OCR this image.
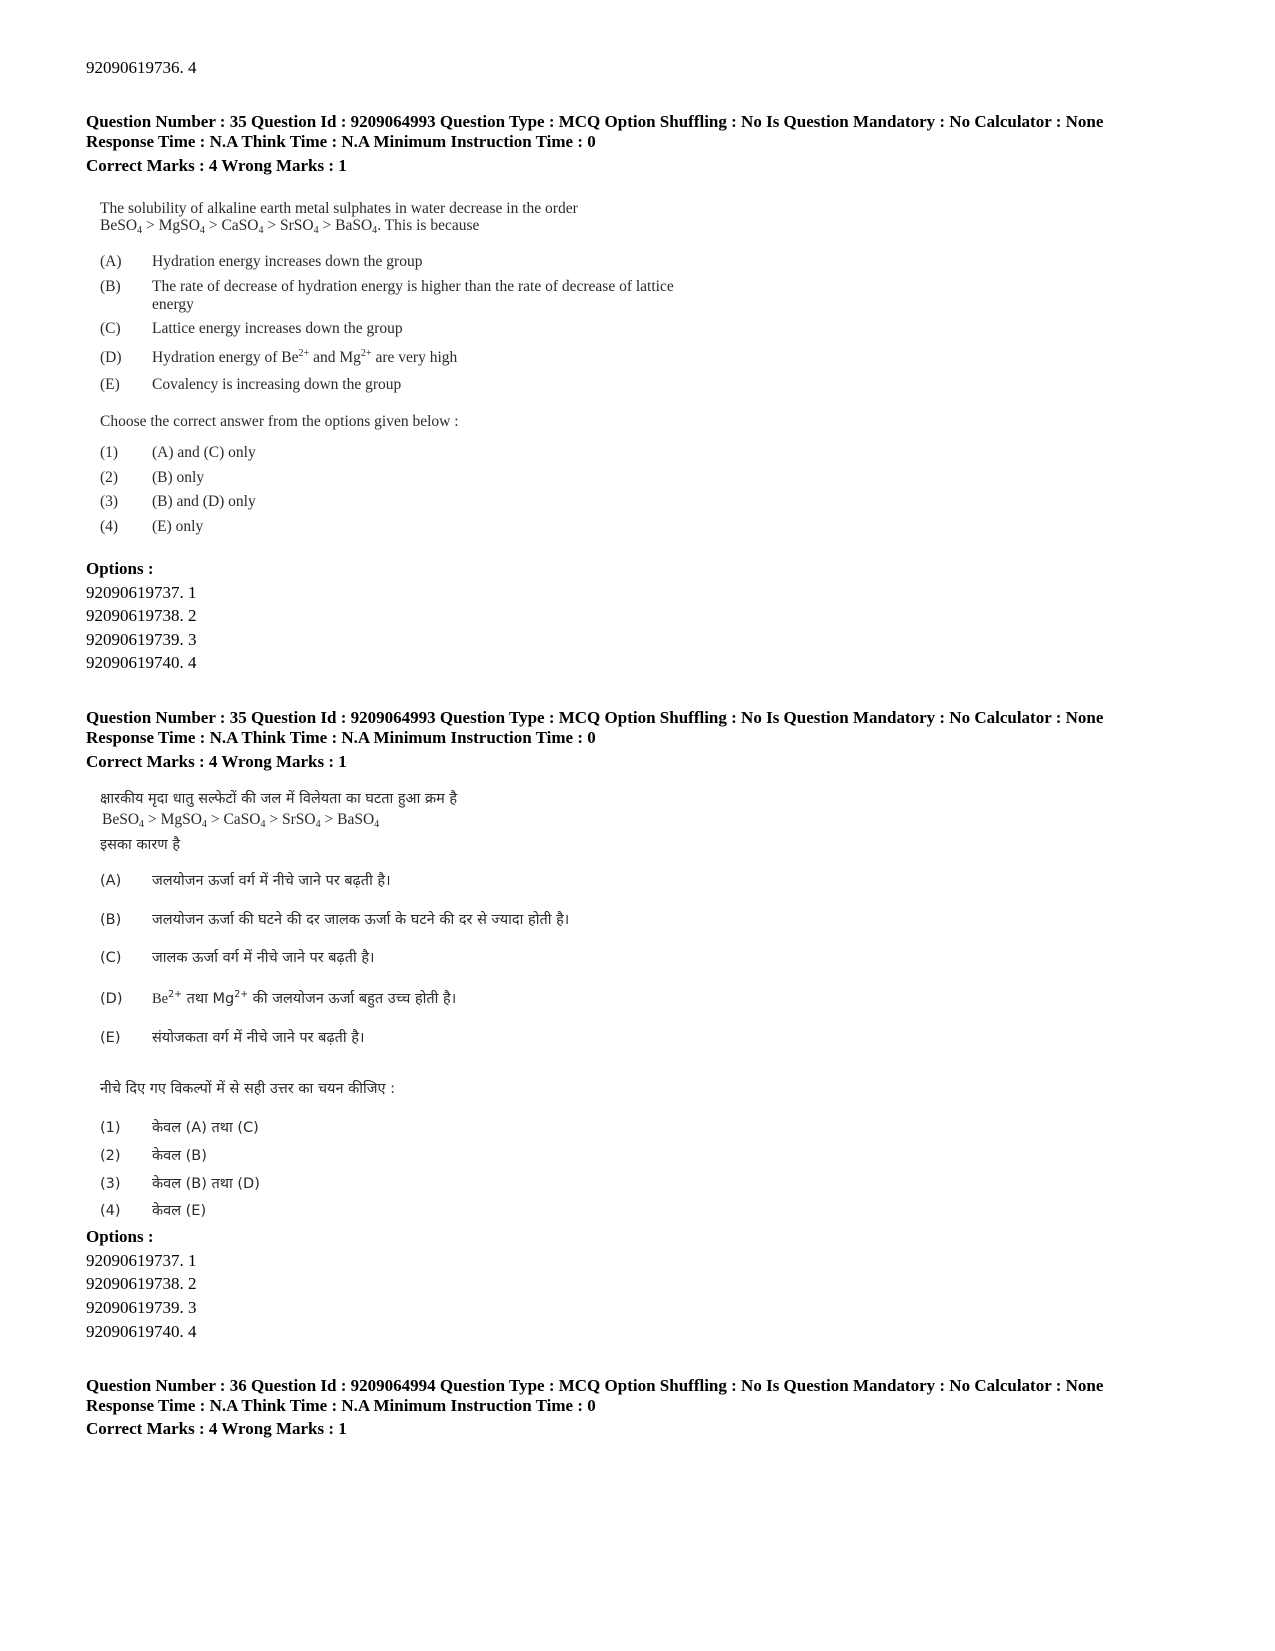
92090619736. 4
Question Number : 35 Question Id : 9209064993 Question Type : MCQ Option Shuffling : No Is Question Mandatory : No Calculator : None
Response Time : N.A Think Time : N.A Minimum Instruction Time : 0
Correct Marks : 4 Wrong Marks : 1
The solubility of alkaline earth metal sulphates in water decrease in the order
BeSO$_4$ > MgSO$_4$ > CaSO$_4$ > SrSO$_4$ > BaSO$_4$. This is because
(A) Hydration energy increases down the group
(B) The rate of decrease of hydration energy is higher than the rate of decrease of lattice
energy
(C) Lattice energy increases down the group
(D) Hydration energy of $Be^{2+}$ and $Mg^{2+}$ are very high
(E) Covalency is increasing down the group
Choose the correct answer from the options given below :
(1) (A) and (C) only
(2) (B) only
(3) (B) and (D) only
(4) (E) only
Options :
92090619737. 1
92090619738. 2
92090619739. 3
92090619740. 4
Question Number : 35 Question Id : 9209064993 Question Type : MCQ Option Shuffling : No Is Question Mandatory : No Calculator : None
Response Time : N.A Think Time : N.A Minimum Instruction Time : 0
Correct Marks : 4 Wrong Marks : 1
क्षारकीय मृदा धातु सल्फेटों की जल में विलेयता का घटता हुआ क्रम है
BeSO$_4$ > MgSO$_4$ > CaSO$_4$ > SrSO$_4$ > BaSO$_4$
इसका कारण है
(A) जलयोजन ऊर्जा वर्ग में नीचे जाने पर बढ़ती है।
(B) जलयोजन ऊर्जा की घटने की दर जालक ऊर्जा के घटने की दर से ज्यादा होती है।
(C) जालक ऊर्जा वर्ग में नीचे जाने पर बढ़ती है।
(D) $Be^{2+}$ तथा $Mg^{2+}$ की जलयोजन ऊर्जा बहुत उच्च होती है।
(E) संयोजकता वर्ग में नीचे जाने पर बढ़ती है।
नीचे दिए गए विकल्पों में से सही उत्तर का चयन कीजिए :
(1) केवल (A) तथा (C)
(2) केवल (B)
(3) केवल (B) तथा (D)
(4) केवल (E)
Options :
92090619737. 1
92090619738. 2
92090619739. 3
92090619740. 4
Question Number : 36 Question Id : 9209064994 Question Type : MCQ Option Shuffling : No Is Question Mandatory : No Calculator : None
Response Time : N.A Think Time : N.A Minimum Instruction Time : 0
Correct Marks : 4 Wrong Marks : 1
